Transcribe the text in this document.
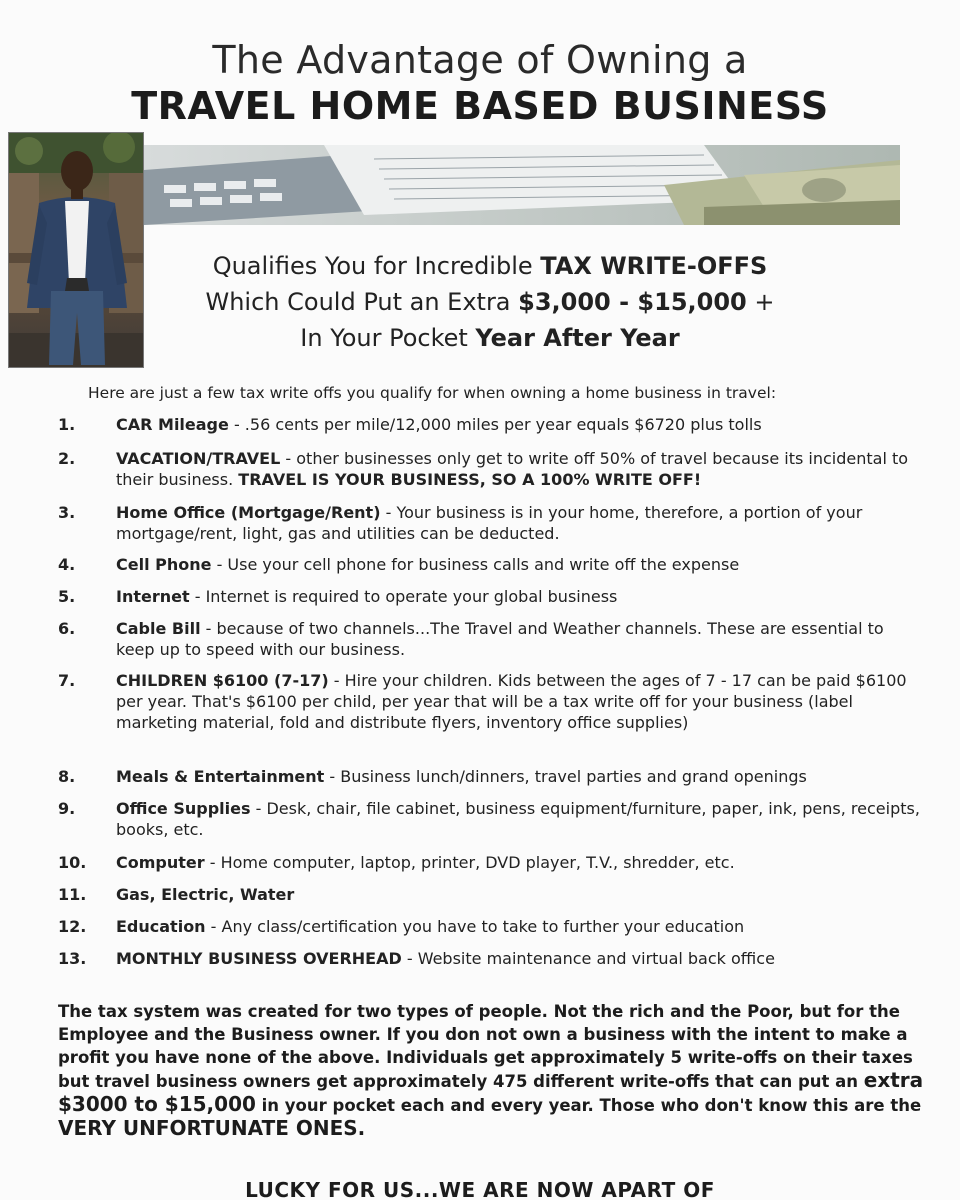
The Advantage of Owning a
TRAVEL HOME BASED BUSINESS
Qualifies You for Incredible TAX WRITE-OFFS
Which Could Put an Extra $3,000 - $15,000 +
In Your Pocket Year After Year
Here are just a few tax write offs you qualify for when owning a home business in travel:
1.	CAR Mileage - .56 cents per mile/12,000 miles per year equals $6720 plus tolls
2.	VACATION/TRAVEL - other businesses only get to write off 50% of travel because its incidental to their business. TRAVEL IS YOUR BUSINESS, SO A 100% WRITE OFF!
3.	Home Office (Mortgage/Rent) - Your business is in your home, therefore, a portion of your mortgage/rent, light, gas and utilities can be deducted.
4.	Cell Phone - Use your cell phone for business calls and write off the expense
5.	Internet - Internet is required to operate your global business
6.	Cable Bill - because of two channels...The Travel and Weather channels. These are essential to keep up to speed with our business.
7.	CHILDREN $6100 (7-17) - Hire your children. Kids between the ages of 7 - 17 can be paid $6100 per year. That's $6100 per child, per year that will be a tax write off for your business (label marketing material, fold and distribute flyers, inventory office supplies)
8.	Meals & Entertainment - Business lunch/dinners, travel parties and grand openings
9.	Office Supplies - Desk, chair, file cabinet, business equipment/furniture, paper, ink, pens, receipts, books, etc.
10. Computer - Home computer, laptop, printer, DVD player, T.V., shredder, etc.
11. Gas, Electric, Water
12. Education - Any class/certification you have to take to further your education
13. MONTHLY BUSINESS OVERHEAD - Website maintenance and virtual back office
The tax system was created for two types of people. Not the rich and the Poor, but for the Employee and the Business owner. If you don not own a business with the intent to make a profit you have none of the above. Individuals get approximately 5 write-offs on their taxes but travel business owners get approximately 475 different write-offs that can put an extra $3000 to $15,000 in your pocket each and every year. Those who don't know this are the VERY UNFORTUNATE ONES.
LUCKY FOR US...WE ARE NOW APART OF
